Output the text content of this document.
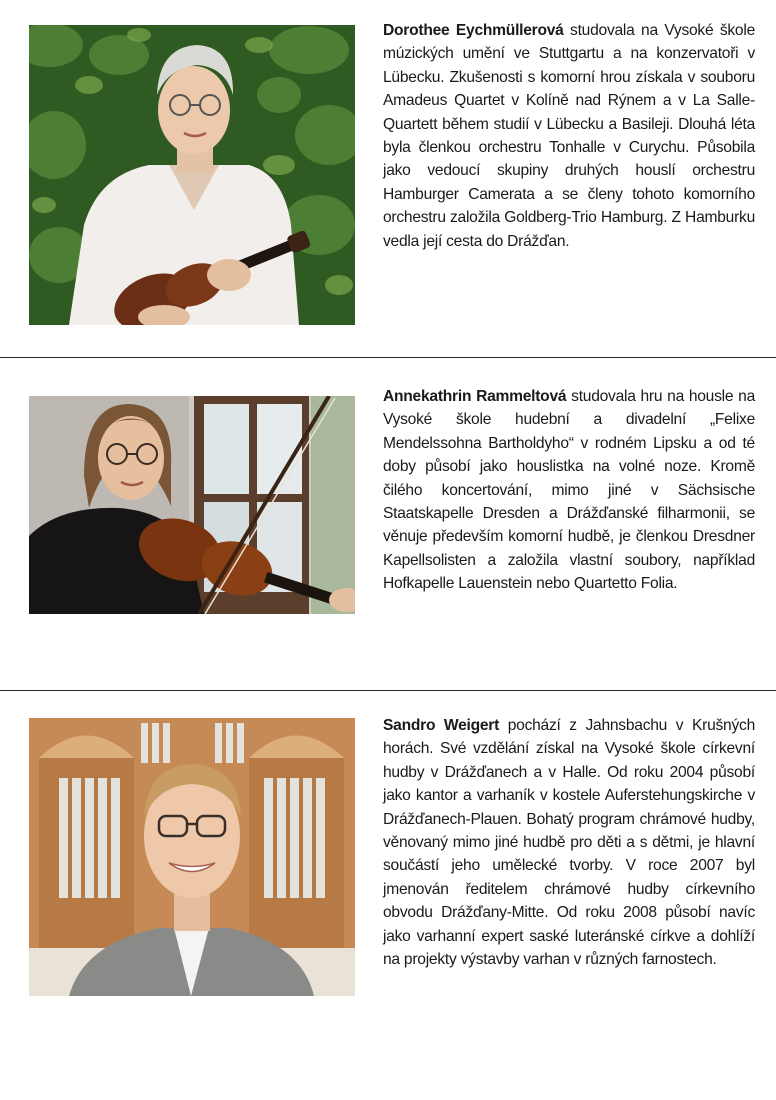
Dorothee Eychmüllerová studovala na Vysoké škole múzických umění ve Stuttgartu a na konzervatoři v Lübecku. Zkušenosti s komorní hrou získala v souboru Amadeus Quartet v Kolíně nad Rýnem a v La Salle-Quartett během studií v Lübecku a Basileji. Dlouhá léta byla členkou orchestru Tonhalle v Curychu. Působila jako vedoucí skupiny druhých houslí orchestru Hamburger Camerata a se členy tohoto komorního orchestru založila Goldberg-Trio Hamburg. Z Hamburku vedla její cesta do Drážďan.
Annekathrin Rammeltová studovala hru na housle na Vysoké škole hudební a divadelní „Felixe Mendelssohna Bartholdyho“ v rodném Lipsku a od té doby působí jako houslistka na volné noze. Kromě čilého koncertování, mimo jiné v Sächsische Staatskapelle Dresden a Drážďanské filharmonii, se věnuje především komorní hudbě, je členkou Dresdner Kapellsolisten a založila vlastní soubory, například Hofkapelle Lauenstein nebo Quartetto Folia.
Sandro Weigert pochází z Jahnsbachu v Krušných horách. Své vzdělání získal na Vysoké škole církevní hudby v Drážďanech a v Halle. Od roku 2004 působí jako kantor a varhaník v kostele Auferstehungskirche v Drážďanech-Plauen. Bohatý program chrámové hudby, věnovaný mimo jiné hudbě pro děti a s dětmi, je hlavní součástí jeho umělecké tvorby. V roce 2007 byl jmenován ředitelem chrámové hudby církevního obvodu Drážďany-Mitte. Od roku 2008 působí navíc jako varhanní expert saské luteránské církve a dohlíží na projekty výstavby varhan v různých farnostech.
